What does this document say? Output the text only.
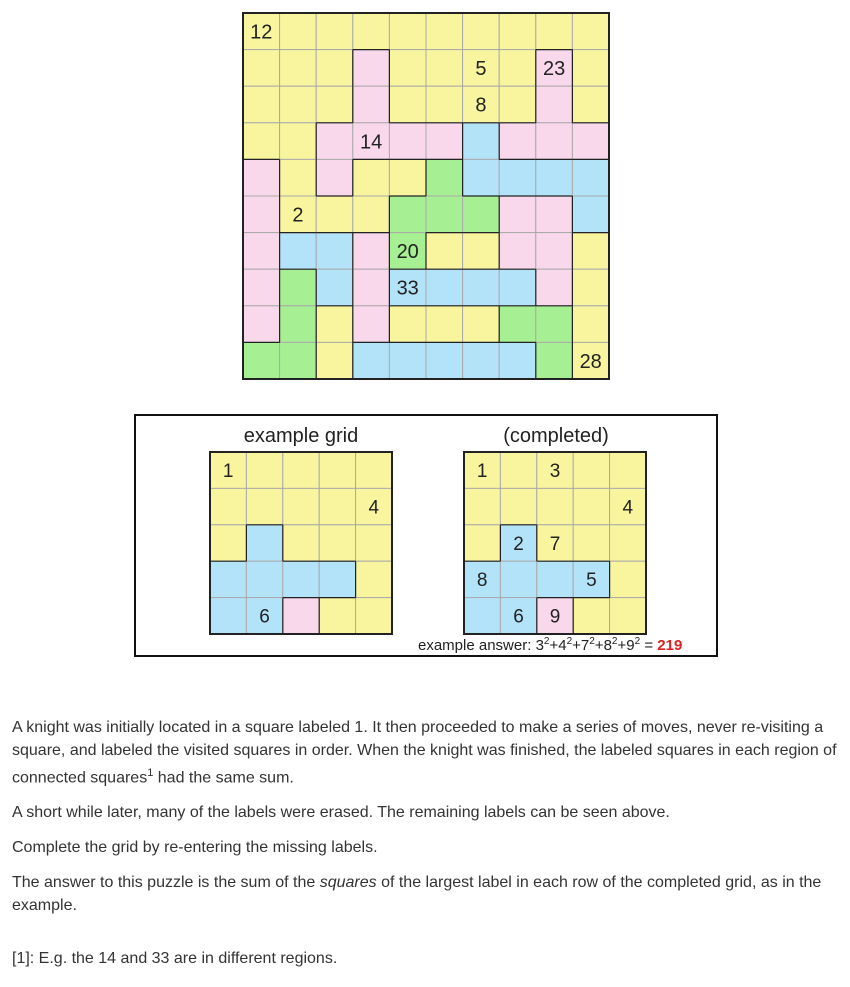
12
5	23
8
14
2
20
33
28
example grid	(completed)
1
4
6
1	3
4
2 7
8	5
6 9
example answer: $3^2+4^2+7^2+8^2+9^2 = 219$

A knight was initially located in a square labeled 1. It then proceeded to make a series of moves, never re-visiting a square, and labeled the visited squares in order. When the knight was finished, the labeled squares in each region of connected squares$^1$ had the same sum.

A short while later, many of the labels were erased. The remaining labels can be seen above.

Complete the grid by re-entering the missing labels.

The answer to this puzzle is the sum of the squares of the largest label in each row of the completed grid, as in the example.

[1]: E.g. the 14 and 33 are in different regions.
